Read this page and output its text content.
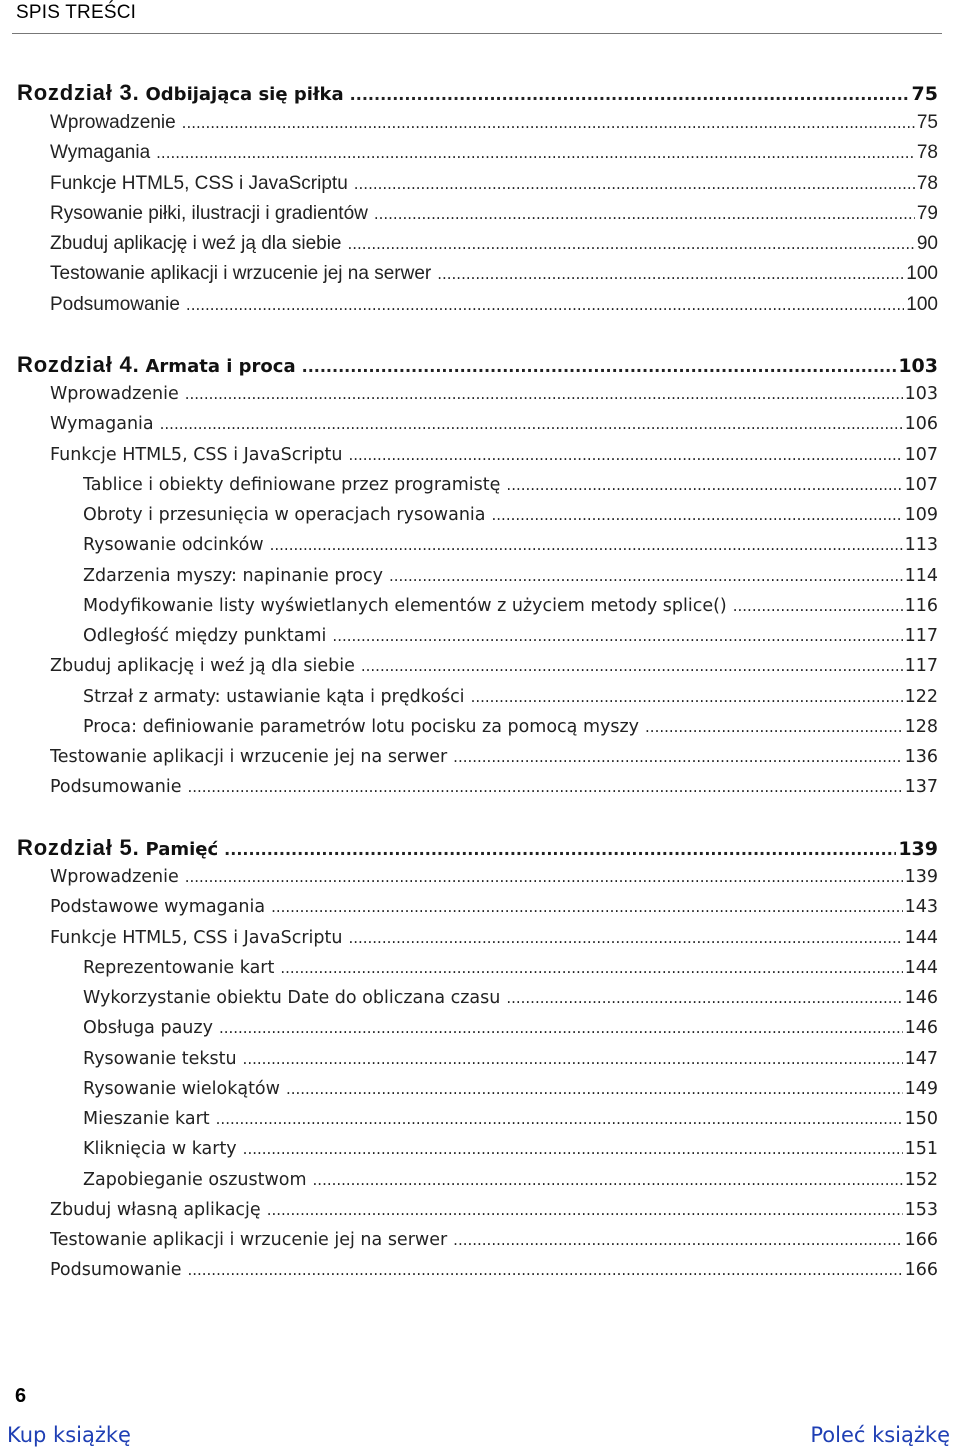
SPIS TREŚCI
Rozdział 3. Odbijająca się piłka .....	75
Wprowadzenie .....	75
Wymagania .....	78
Funkcje HTML5, CSS i JavaScriptu .....	78
Rysowanie piłki, ilustracji i gradientów .....	79
Zbuduj aplikację i weź ją dla siebie .....	90
Testowanie aplikacji i wrzucenie jej na serwer .....	100
Podsumowanie .....	100
Rozdział 4. Armata i proca .....	103
Wprowadzenie .....	103
Wymagania .....	106
Funkcje HTML5, CSS i JavaScriptu .....	107
Tablice i obiekty definiowane przez programistę .....	107
Obroty i przesunięcia w operacjach rysowania .....	109
Rysowanie odcinków .....	113
Zdarzenia myszy: napinanie procy .....	114
Modyfikowanie listy wyświetlanych elementów z użyciem metody splice() .....	116
Odległość między punktami .....	117
Zbuduj aplikację i weź ją dla siebie .....	117
Strzał z armaty: ustawianie kąta i prędkości .....	122
Proca: definiowanie parametrów lotu pocisku za pomocą myszy .....	128
Testowanie aplikacji i wrzucenie jej na serwer .....	136
Podsumowanie .....	137
Rozdział 5. Pamięć .....	139
Wprowadzenie .....	139
Podstawowe wymagania .....	143
Funkcje HTML5, CSS i JavaScriptu .....	144
Reprezentowanie kart .....	144
Wykorzystanie obiektu Date do obliczana czasu .....	146
Obsługa pauzy .....	146
Rysowanie tekstu .....	147
Rysowanie wielokątów .....	149
Mieszanie kart .....	150
Kliknięcia w karty .....	151
Zapobieganie oszustwom .....	152
Zbuduj własną aplikację .....	153
Testowanie aplikacji i wrzucenie jej na serwer .....	166
Podsumowanie .....	166
6
Kup książkę	Poleć książkę
